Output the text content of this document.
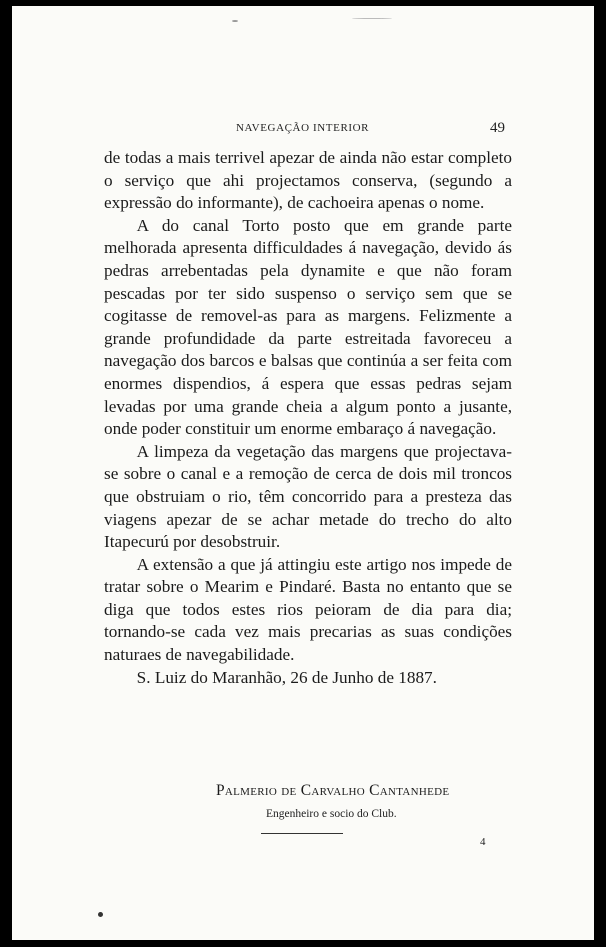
NAVEGAÇÃO INTERIOR	49

de todas a mais terrivel apezar de ainda não estar completo o serviço que ahi projectamos conserva, (segundo a expressão do informante), de cachoeira apenas o nome.

A do canal Torto posto que em grande parte melhorada apresenta difficuldades á navegação, devido ás pedras arrebentadas pela dynamite e que não foram pescadas por ter sido suspenso o serviço sem que se cogitasse de removel-as para as margens. Felizmente a grande profundidade da parte estreitada favoreceu a navegação dos barcos e balsas que continúa a ser feita com enormes dispendios, á espera que essas pedras sejam levadas por uma grande cheia a algum ponto a jusante, onde poder constituir um enorme embaraço á navegação.

A limpeza da vegetação das margens que projectava-se sobre o canal e a remoção de cerca de dois mil troncos que obstruiam o rio, têm concorrido para a presteza das viagens apezar de se achar metade do trecho do alto Itapecurú por desobstruir.

A extensão a que já attingiu este artigo nos impede de tratar sobre o Mearim e Pindaré. Basta no entanto que se diga que todos estes rios peioram de dia para dia; tornando-se cada vez mais precarias as suas condições naturaes de navegabilidade.

S. Luiz do Maranhão, 26 de Junho de 1887.

Palmerio de Carvalho Cantanhede
Engenheiro e socio do Club.
4
